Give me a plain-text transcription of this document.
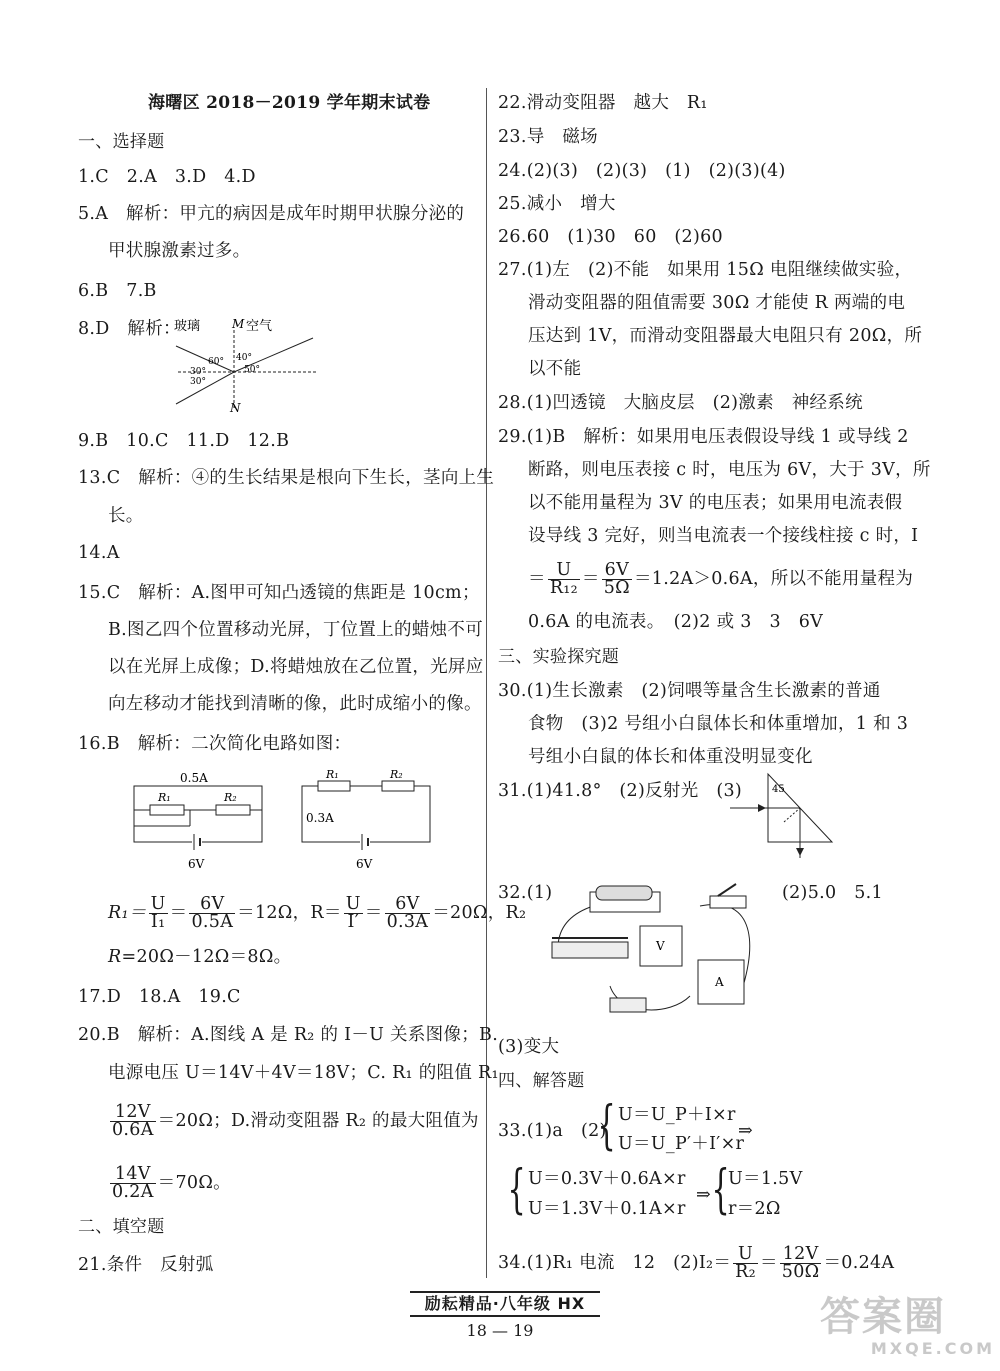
海曙区 2018－2019 学年期末试卷
一、选择题
1.C　2.A　3.D　4.D
5.A　解析：甲亢的病因是成年时期甲状腺分泌的
甲状腺激素过多。
6.B　7.B
8.D　解析：
玻璃	M 空气
60°
30°
30°
40°
50°
N
9.B　10.C　11.D　12.B
13.C　解析：④的生长结果是根向下生长，茎向上生
长。
14.A
15.C　解析：A.图甲可知凸透镜的焦距是 10cm；
B.图乙四个位置移动光屏，丁位置上的蜡烛不可
以在光屏上成像；D.将蜡烛放在乙位置，光屏应
向左移动才能找到清晰的像，此时成缩小的像。
16.B　解析：二次简化电路如图：
0.5A
R₁	R₂
6V
R₁	R₂
0.3A
6V
$R_1= \frac{U}{\text{I₁}} = \frac{6V}{0.5A} =12\Omega$，$R= \frac{U}{I'} = \frac{6V}{0.3A} =20\Omega$，R₂
R=20Ω－12Ω＝8Ω。
17.D　18.A　19.C
20.B　解析：A.图线 A 是 R₂ 的 I－U 关系图像；B.
电源电压 U＝14V＋4V＝18V；C. R₁ 的阻值 R₁
$\frac{12V}{0.6A} =20\Omega$；D.滑动变阻器 R₂ 的最大阻值为
$\frac{14V}{0.2A} =70\Omega$。
二、填空题
21.条件　反射弧
22.滑动变阻器　越大　R₁
23.导　磁场
24.(2)(3)　(2)(3)　(1)　(2)(3)(4)
25.减小　增大
26.60　(1)30　60　(2)60
27.(1)左　(2)不能　如果用 15Ω 电阻继续做实验，
滑动变阻器的阻值需要 30Ω 才能使 R 两端的电
压达到 1V，而滑动变阻器最大电阻只有 20Ω，所
以不能
28.(1)凹透镜　大脑皮层　(2)激素　神经系统
29.(1)B　解析：如果用电压表假设导线 1 或导线 2
断路，则电压表接 c 时，电压为 6V，大于 3V，所
以不能用量程为 3V 的电压表；如果用电流表假
设导线 3 完好，则当电流表一个接线柱接 c 时，I
＝ $\frac{U}{\text{R₁₂}} = \frac{6V}{5\Omega} =1.2A>0.6A$，所以不能用量程为
0.6A 的电流表。　(2)2 或 3　3　6V
三、实验探究题
30.(1)生长激素　(2)饲喂等量含生长激素的普通
食物　(3)2 号组小白鼠体长和体重增加，1 和 3
号组小白鼠的体长和体重没明显变化
31.(1)41.8°　(2)反射光　(3)	45
32.(1)	(2)5.0　5.1
V
A
(3)变大
四、解答题
33.(1)a　(2)
{ U＝U_P＋I×r
U＝U_P′＋I′×r
⇒
{ U＝0.3V＋0.6A×r
U＝1.3V＋0.1A×r
⇒ {
U＝1.5V
r＝2Ω
34.(1)R₁ 电流　12　$(2)I_2= \frac{U}{\text{R₂}} = \frac{12V}{50\Omega} =0.24A$
励耘精品·八年级 HX
18 — 19	答案圈
MXQE.COM
